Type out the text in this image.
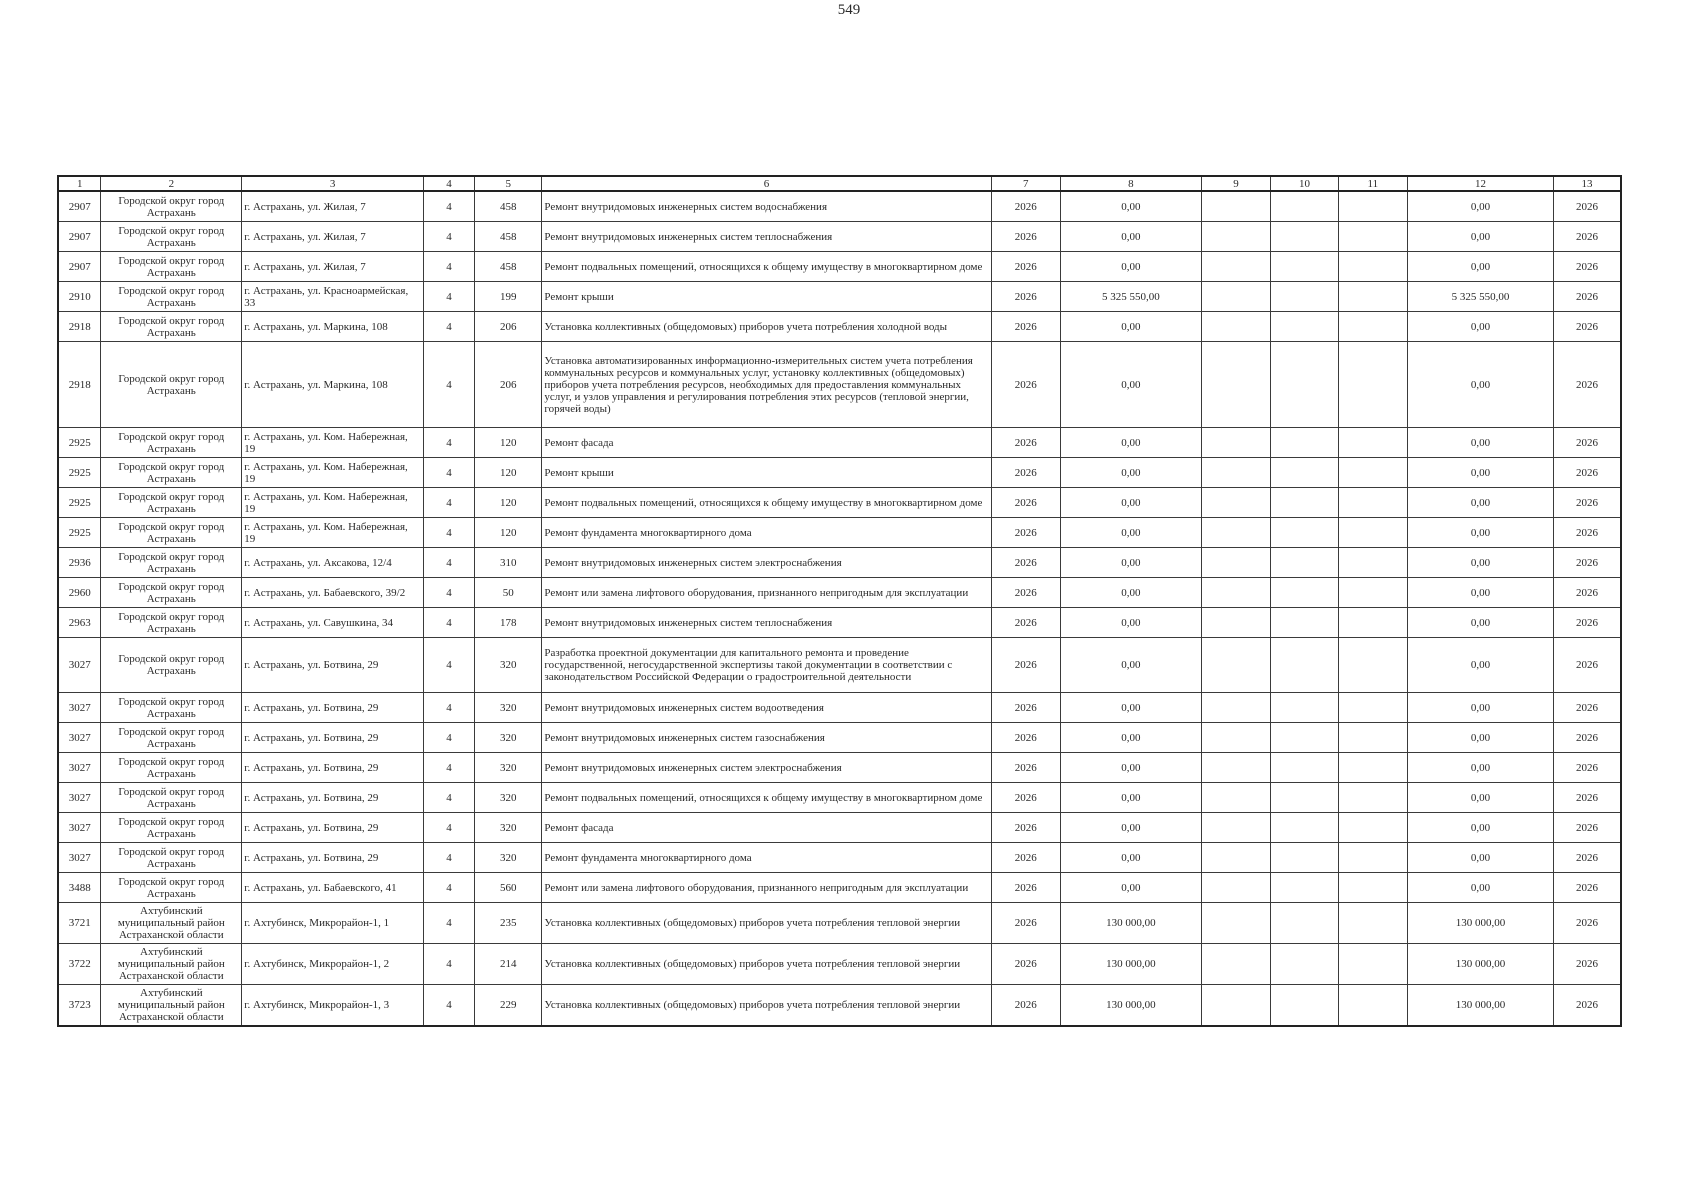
549
1	2	3	4	5	6	7	8	9	10	11	12	13
2907	Городской округ город Астрахань	г. Астрахань, ул. Жилая, 7	4	458	Ремонт внутридомовых инженерных систем водоснабжения	2026	0,00				0,00	2026
2907	Городской округ город Астрахань	г. Астрахань, ул. Жилая, 7	4	458	Ремонт внутридомовых инженерных систем теплоснабжения	2026	0,00				0,00	2026
2907	Городской округ город Астрахань	г. Астрахань, ул. Жилая, 7	4	458	Ремонт подвальных помещений, относящихся к общему имуществу в многоквартирном доме	2026	0,00				0,00	2026
2910	Городской округ город Астрахань	г. Астрахань, ул. Красноармейская, 33	4	199	Ремонт крыши	2026	5 325 550,00				5 325 550,00	2026
2918	Городской округ город Астрахань	г. Астрахань, ул. Маркина, 108	4	206	Установка коллективных (общедомовых) приборов учета потребления холодной воды	2026	0,00				0,00	2026
2918	Городской округ город Астрахань	г. Астрахань, ул. Маркина, 108	4	206	Установка автоматизированных информационно-измерительных систем учета потребления коммунальных ресурсов и коммунальных услуг, установку коллективных (общедомовых) приборов учета потребления ресурсов, необходимых для предоставления коммунальных услуг, и узлов управления и регулирования потребления этих ресурсов (тепловой энергии, горячей воды)	2026	0,00				0,00	2026
2925	Городской округ город Астрахань	г. Астрахань, ул. Ком. Набережная, 19	4	120	Ремонт фасада	2026	0,00				0,00	2026
2925	Городской округ город Астрахань	г. Астрахань, ул. Ком. Набережная, 19	4	120	Ремонт крыши	2026	0,00				0,00	2026
2925	Городской округ город Астрахань	г. Астрахань, ул. Ком. Набережная, 19	4	120	Ремонт подвальных помещений, относящихся к общему имуществу в многоквартирном доме	2026	0,00				0,00	2026
2925	Городской округ город Астрахань	г. Астрахань, ул. Ком. Набережная, 19	4	120	Ремонт фундамента многоквартирного дома	2026	0,00				0,00	2026
2936	Городской округ город Астрахань	г. Астрахань, ул. Аксакова, 12/4	4	310	Ремонт внутридомовых инженерных систем электроснабжения	2026	0,00				0,00	2026
2960	Городской округ город Астрахань	г. Астрахань, ул. Бабаевского, 39/2	4	50	Ремонт или замена лифтового оборудования, признанного непригодным для эксплуатации	2026	0,00				0,00	2026
2963	Городской округ город Астрахань	г. Астрахань, ул. Савушкина, 34	4	178	Ремонт внутридомовых инженерных систем теплоснабжения	2026	0,00				0,00	2026
3027	Городской округ город Астрахань	г. Астрахань, ул. Ботвина, 29	4	320	Разработка проектной документации для капитального ремонта и проведение государственной, негосударственной экспертизы такой документации в соответствии с законодательством Российской Федерации о градостроительной деятельности	2026	0,00				0,00	2026
3027	Городской округ город Астрахань	г. Астрахань, ул. Ботвина, 29	4	320	Ремонт внутридомовых инженерных систем водоотведения	2026	0,00				0,00	2026
3027	Городской округ город Астрахань	г. Астрахань, ул. Ботвина, 29	4	320	Ремонт внутридомовых инженерных систем газоснабжения	2026	0,00				0,00	2026
3027	Городской округ город Астрахань	г. Астрахань, ул. Ботвина, 29	4	320	Ремонт внутридомовых инженерных систем электроснабжения	2026	0,00				0,00	2026
3027	Городской округ город Астрахань	г. Астрахань, ул. Ботвина, 29	4	320	Ремонт подвальных помещений, относящихся к общему имуществу в многоквартирном доме	2026	0,00				0,00	2026
3027	Городской округ город Астрахань	г. Астрахань, ул. Ботвина, 29	4	320	Ремонт фасада	2026	0,00				0,00	2026
3027	Городской округ город Астрахань	г. Астрахань, ул. Ботвина, 29	4	320	Ремонт фундамента многоквартирного дома	2026	0,00				0,00	2026
3488	Городской округ город Астрахань	г. Астрахань, ул. Бабаевского, 41	4	560	Ремонт или замена лифтового оборудования, признанного непригодным для эксплуатации	2026	0,00				0,00	2026
3721	Ахтубинский муниципальный район Астраханской области	г. Ахтубинск, Микрорайон-1, 1	4	235	Установка коллективных (общедомовых) приборов учета потребления тепловой энергии	2026	130 000,00				130 000,00	2026
3722	Ахтубинский муниципальный район Астраханской области	г. Ахтубинск, Микрорайон-1, 2	4	214	Установка коллективных (общедомовых) приборов учета потребления тепловой энергии	2026	130 000,00				130 000,00	2026
3723	Ахтубинский муниципальный район Астраханской области	г. Ахтубинск, Микрорайон-1, 3	4	229	Установка коллективных (общедомовых) приборов учета потребления тепловой энергии	2026	130 000,00				130 000,00	2026
